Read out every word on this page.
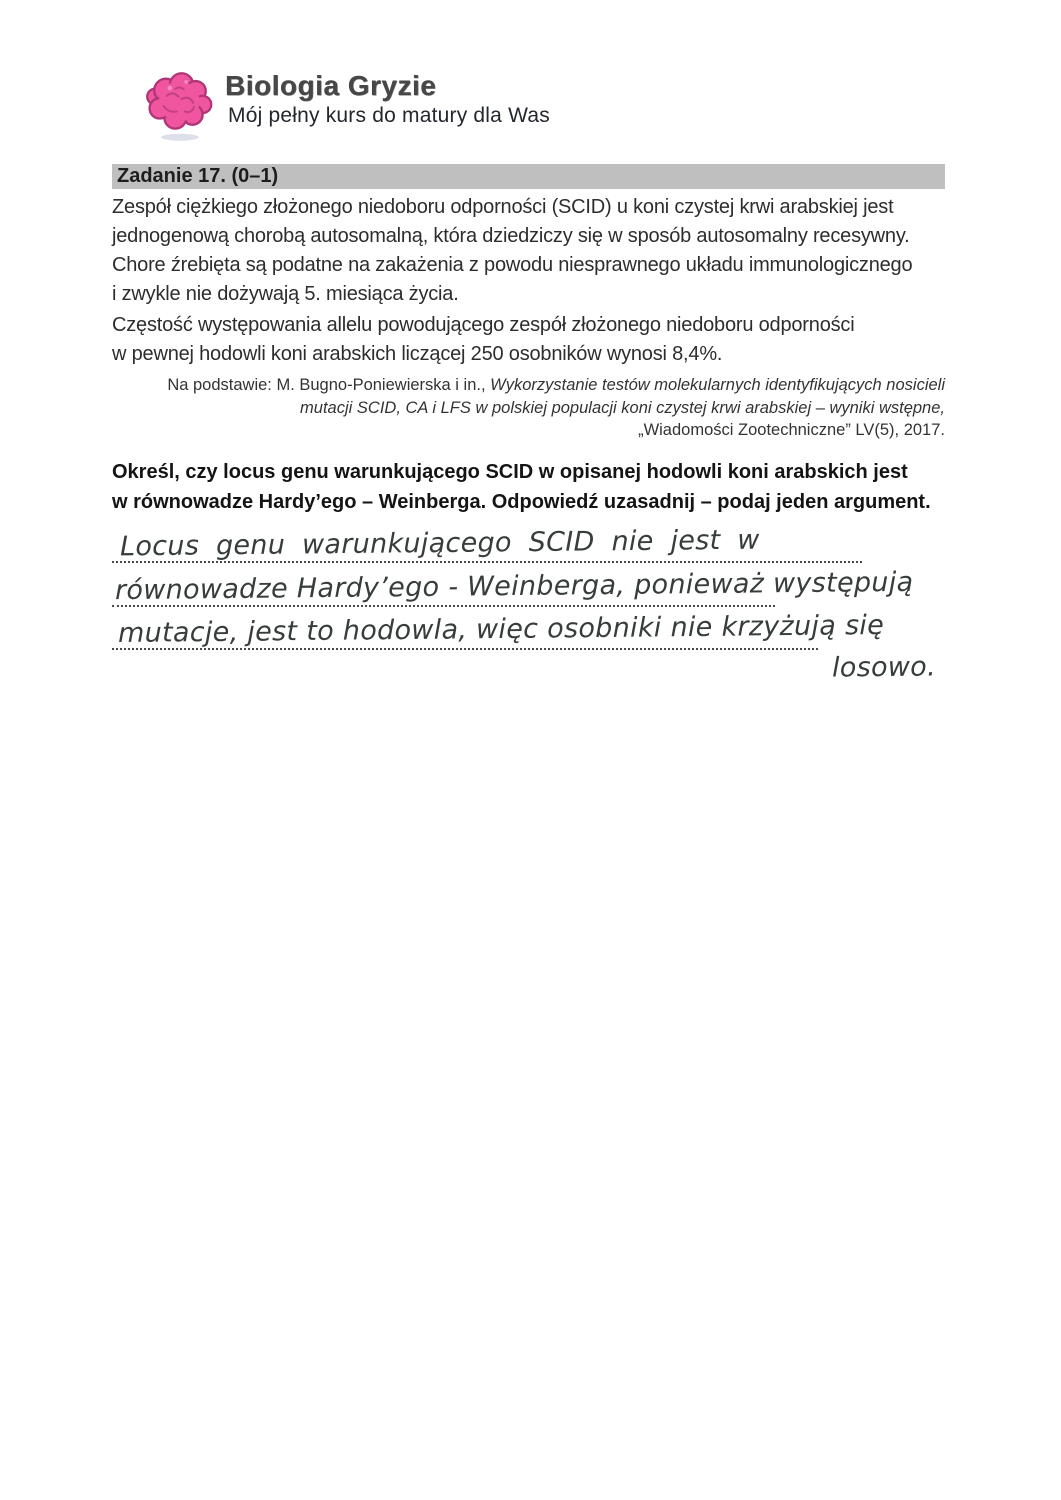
Biologia Gryzie
Mój pełny kurs do matury dla Was
Zadanie 17. (0–1)
Zespół ciężkiego złożonego niedoboru odporności (SCID) u koni czystej krwi arabskiej jest
jednogenową chorobą autosomalną, która dziedziczy się w sposób autosomalny recesywny.
Chore źrebięta są podatne na zakażenia z powodu niesprawnego układu immunologicznego
i zwykle nie dożywają 5. miesiąca życia.
Częstość występowania allelu powodującego zespół złożonego niedoboru odporności
w pewnej hodowli koni arabskich liczącej 250 osobników wynosi 8,4%.
Na podstawie: M. Bugno-Poniewierska i in., Wykorzystanie testów molekularnych identyfikujących nosicieli
mutacji SCID, CA i LFS w polskiej populacji koni czystej krwi arabskiej – wyniki wstępne,
„Wiadomości Zootechniczne” LV(5), 2017.
Określ, czy locus genu warunkującego SCID w opisanej hodowli koni arabskich jest
w równowadze Hardy’ego – Weinberga. Odpowiedź uzasadnij – podaj jeden argument.
Locus genu warunkującego SCID nie jest w
równowadze Hardy’ego - Weinberga, ponieważ występują
mutacje, jest to hodowla, więc osobniki nie krzyżują się
losowo.
